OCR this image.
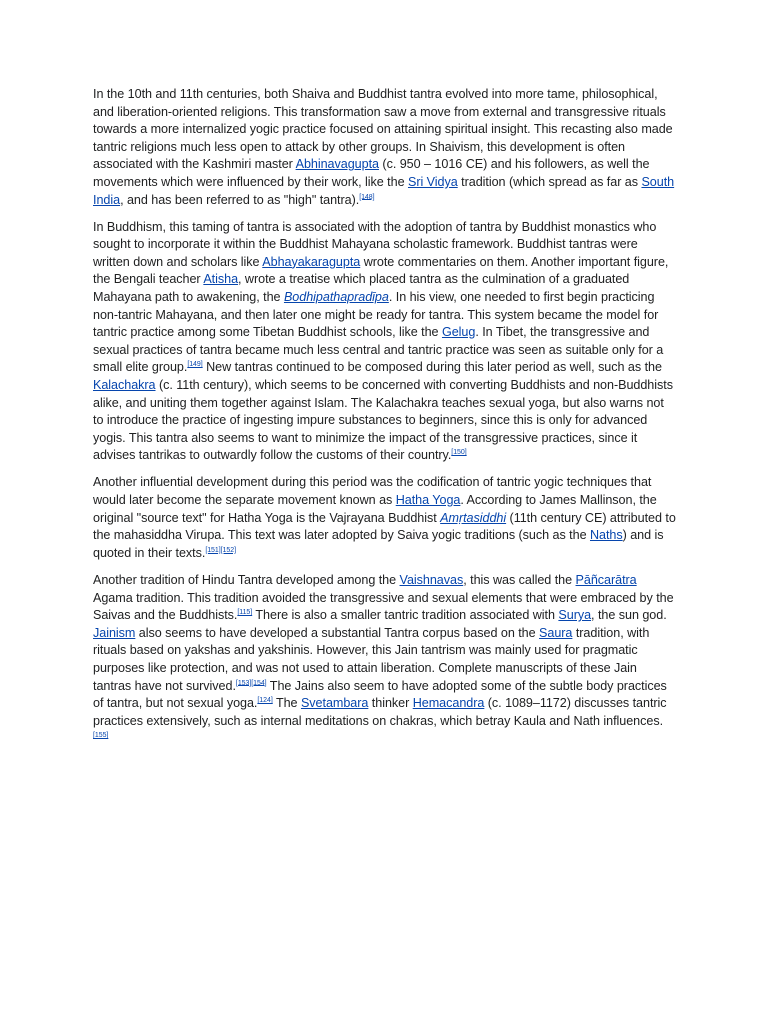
In the 10th and 11th centuries, both Shaiva and Buddhist tantra evolved into more tame, philosophical, and liberation-oriented religions. This transformation saw a move from external and transgressive rituals towards a more internalized yogic practice focused on attaining spiritual insight. This recasting also made tantric religions much less open to attack by other groups. In Shaivism, this development is often associated with the Kashmiri master Abhinavagupta (c. 950 – 1016 CE) and his followers, as well the movements which were influenced by their work, like the Sri Vidya tradition (which spread as far as South India, and has been referred to as "high" tantra).[148]

In Buddhism, this taming of tantra is associated with the adoption of tantra by Buddhist monastics who sought to incorporate it within the Buddhist Mahayana scholastic framework. Buddhist tantras were written down and scholars like Abhayakaragupta wrote commentaries on them. Another important figure, the Bengali teacher Atisha, wrote a treatise which placed tantra as the culmination of a graduated Mahayana path to awakening, the Bodhipathapradīpa. In his view, one needed to first begin practicing non-tantric Mahayana, and then later one might be ready for tantra. This system became the model for tantric practice among some Tibetan Buddhist schools, like the Gelug. In Tibet, the transgressive and sexual practices of tantra became much less central and tantric practice was seen as suitable only for a small elite group.[149] New tantras continued to be composed during this later period as well, such as the Kalachakra (c. 11th century), which seems to be concerned with converting Buddhists and non-Buddhists alike, and uniting them together against Islam. The Kalachakra teaches sexual yoga, but also warns not to introduce the practice of ingesting impure substances to beginners, since this is only for advanced yogis. This tantra also seems to want to minimize the impact of the transgressive practices, since it advises tantrikas to outwardly follow the customs of their country.[150]

Another influential development during this period was the codification of tantric yogic techniques that would later become the separate movement known as Hatha Yoga. According to James Mallinson, the original "source text" for Hatha Yoga is the Vajrayana Buddhist Amṛtasiddhi (11th century CE) attributed to the mahasiddha Virupa. This text was later adopted by Saiva yogic traditions (such as the Naths) and is quoted in their texts.[151][152]

Another tradition of Hindu Tantra developed among the Vaishnavas, this was called the Pāñcarātra Agama tradition. This tradition avoided the transgressive and sexual elements that were embraced by the Saivas and the Buddhists.[115] There is also a smaller tantric tradition associated with Surya, the sun god. Jainism also seems to have developed a substantial Tantra corpus based on the Saura tradition, with rituals based on yakshas and yakshinis. However, this Jain tantrism was mainly used for pragmatic purposes like protection, and was not used to attain liberation. Complete manuscripts of these Jain tantras have not survived.[153][154] The Jains also seem to have adopted some of the subtle body practices of tantra, but not sexual yoga.[124] The Svetambara thinker Hemacandra (c. 1089–1172) discusses tantric practices extensively, such as internal meditations on chakras, which betray Kaula and Nath influences.[155]
